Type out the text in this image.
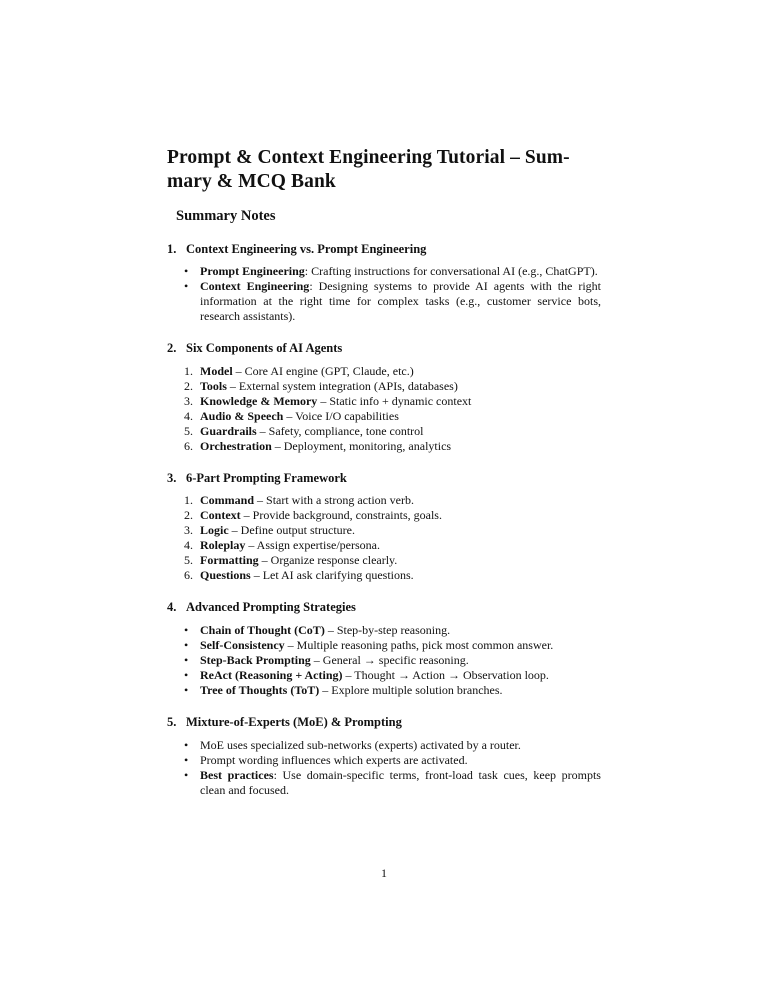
Prompt & Context Engineering Tutorial – Sum-
mary & MCQ Bank
Summary Notes
1. Context Engineering vs. Prompt Engineering
• Prompt Engineering: Crafting instructions for conversational AI (e.g., ChatGPT).
• Context Engineering: Designing systems to provide AI agents with the right information at the right time for complex tasks (e.g., customer service bots, research assistants).
2. Six Components of AI Agents
1. Model – Core AI engine (GPT, Claude, etc.)
2. Tools – External system integration (APIs, databases)
3. Knowledge & Memory – Static info + dynamic context
4. Audio & Speech – Voice I/O capabilities
5. Guardrails – Safety, compliance, tone control
6. Orchestration – Deployment, monitoring, analytics
3. 6-Part Prompting Framework
1. Command – Start with a strong action verb.
2. Context – Provide background, constraints, goals.
3. Logic – Define output structure.
4. Roleplay – Assign expertise/persona.
5. Formatting – Organize response clearly.
6. Questions – Let AI ask clarifying questions.
4. Advanced Prompting Strategies
• Chain of Thought (CoT) – Step-by-step reasoning.
• Self-Consistency – Multiple reasoning paths, pick most common answer.
• Step-Back Prompting – General → specific reasoning.
• ReAct (Reasoning + Acting) – Thought → Action → Observation loop.
• Tree of Thoughts (ToT) – Explore multiple solution branches.
5. Mixture-of-Experts (MoE) & Prompting
• MoE uses specialized sub-networks (experts) activated by a router.
• Prompt wording influences which experts are activated.
• Best practices: Use domain-specific terms, front-load task cues, keep prompts clean and focused.
1
